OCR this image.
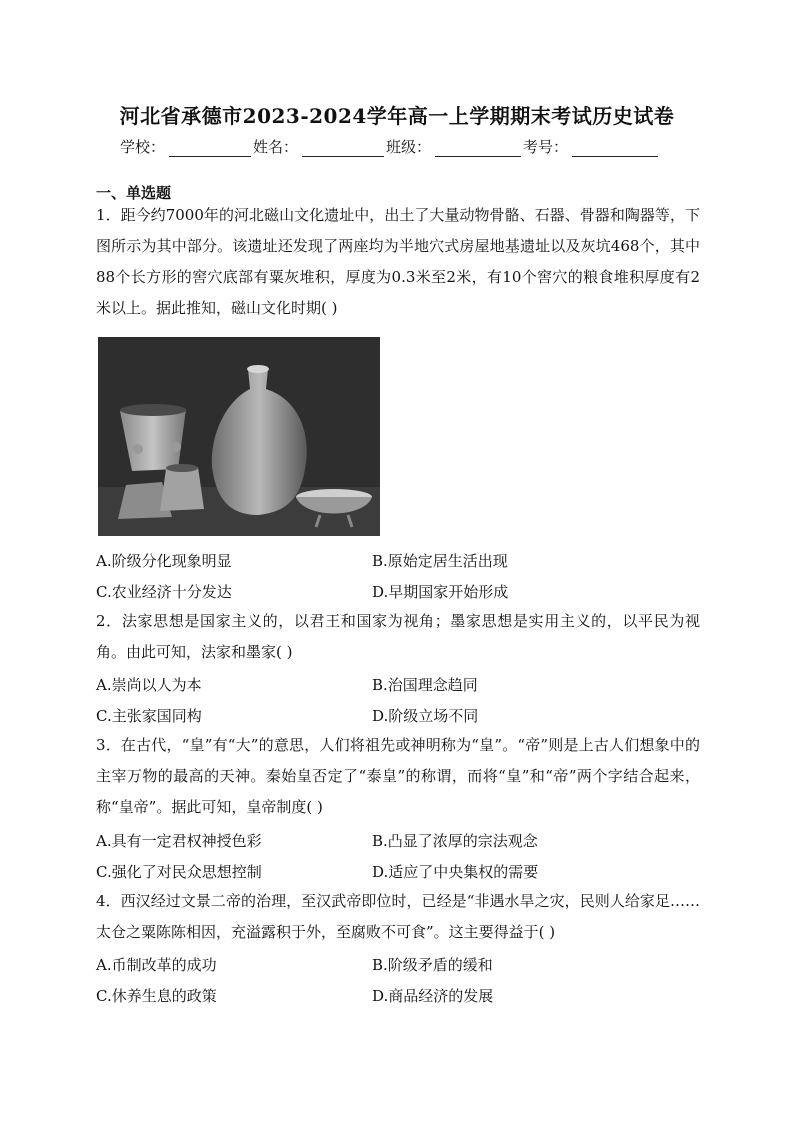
河北省承德市2023-2024学年高一上学期期末考试历史试卷
学校：	姓名：	班级：	考号：
一、单选题

1．距今约7000年的河北磁山文化遗址中，出土了大量动物骨骼、石器、骨器和陶器等，下图所示为其中部分。该遗址还发现了两座均为半地穴式房屋地基遗址以及灰坑468个，其中88个长方形的窖穴底部有粟灰堆积，厚度为0.3米至2米，有10个窖穴的粮食堆积厚度有2米以上。据此推知，磁山文化时期( )

A.阶级分化现象明显	B.原始定居生活出现
C.农业经济十分发达	D.早期国家开始形成

2．法家思想是国家主义的，以君王和国家为视角；墨家思想是实用主义的，以平民为视角。由此可知，法家和墨家( )

A.崇尚以人为本	B.治国理念趋同
C.主张家国同构	D.阶级立场不同

3．在古代，“皇”有“大”的意思，人们将祖先或神明称为“皇”。“帝”则是上古人们想象中的主宰万物的最高的天神。秦始皇否定了“泰皇”的称谓，而将“皇”和“帝”两个字结合起来，称“皇帝”。据此可知，皇帝制度( )

A.具有一定君权神授色彩	B.凸显了浓厚的宗法观念
C.强化了对民众思想控制	D.适应了中央集权的需要

4．西汉经过文景二帝的治理，至汉武帝即位时，已经是“非遇水旱之灾，民则人给家足……太仓之粟陈陈相因，充溢露积于外，至腐败不可食”。这主要得益于( )

A.币制改革的成功	B.阶级矛盾的缓和
C.休养生息的政策	D.商品经济的发展
